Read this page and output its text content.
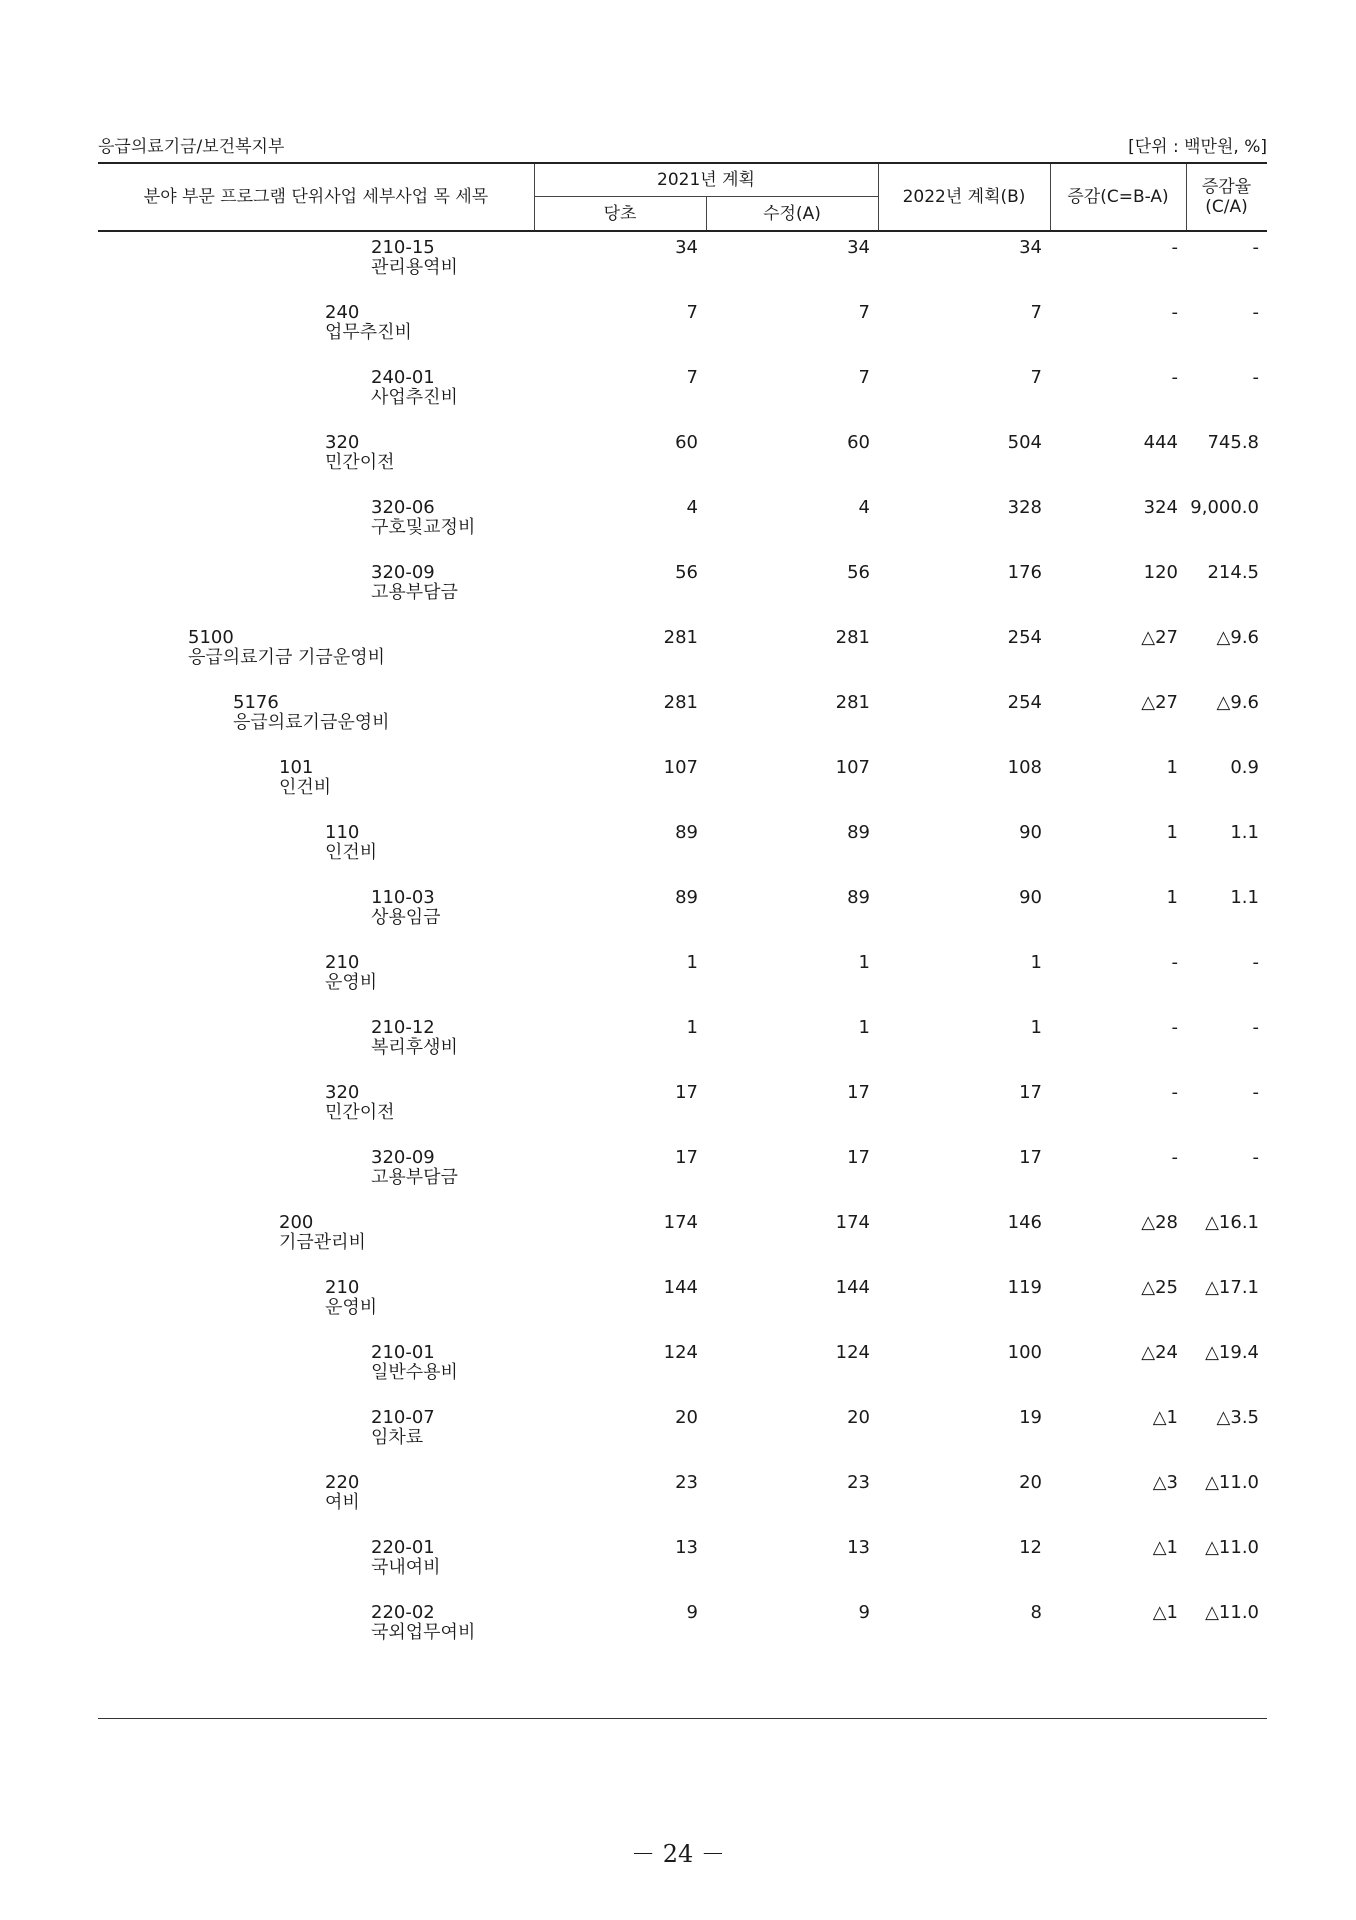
응급의료기금/보건복지부	[단위 : 백만원, %]
분야 부문 프로그램 단위사업 세부사업 목 세목
2021년 계획
당초	수정(A)
2022년 계획(B)	증감(C=B-A)	증감율
(C/A)
210-15
관리용역비
34	34	34	-	-
240
업무추진비
7	7	7	-	-
240-01
사업추진비
7	7	7	-	-
320
민간이전
60	60	504	444	745.8
320-06
구호및교정비
4	4	328	324 9,000.0
320-09
고용부담금
56	56	176	120	214.5
5100
응급의료기금 기금운영비
281	281	254	△27	△9.6
5176
응급의료기금운영비
281	281	254	△27	△9.6
101
인건비
107	107	108	1	0.9
110
인건비
89	89	90	1	1.1
110-03
상용임금
89	89	90	1	1.1
210
운영비
1	1	1	-	-
210-12
복리후생비
1	1	1	-	-
320
민간이전
17	17	17	-	-
320-09
고용부담금
17	17	17	-	-
200
기금관리비
174	174	146	△28	△16.1
210
운영비
144	144	119	△25	△17.1
210-01
일반수용비
124	124	100	△24	△19.4
210-07
임차료
20	20	19	△1	△3.5
220
여비
23	23	20	△3	△11.0
220-01
국내여비
13	13	12	△1	△11.0
220-02
국외업무여비
9	9	8	△1	△11.0
－ 24 －
